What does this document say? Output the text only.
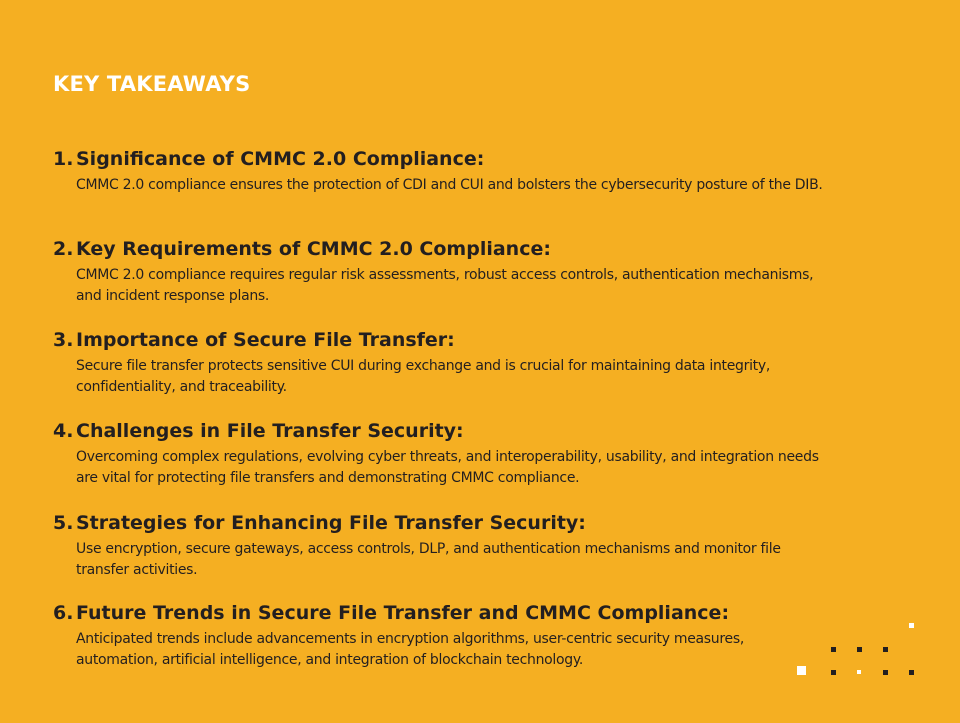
KEY TAKEAWAYS
1. Significance of CMMC 2.0 Compliance:

CMMC 2.0 compliance ensures the protection of CDI and CUI and bolsters the cybersecurity posture of the DIB.

2. Key Requirements of CMMC 2.0 Compliance:

CMMC 2.0 compliance requires regular risk assessments, robust access controls, authentication mechanisms, and incident response plans.

3. Importance of Secure File Transfer:

Secure file transfer protects sensitive CUI during exchange and is crucial for maintaining data integrity, confidentiality, and traceability.

4. Challenges in File Transfer Security:

Overcoming complex regulations, evolving cyber threats, and interoperability, usability, and integration needs are vital for protecting file transfers and demonstrating CMMC compliance.

5. Strategies for Enhancing File Transfer Security:

Use encryption, secure gateways, access controls, DLP, and authentication mechanisms and monitor file transfer activities.

6. Future Trends in Secure File Transfer and CMMC Compliance:

Anticipated trends include advancements in encryption algorithms, user-centric security measures, automation, artificial intelligence, and integration of blockchain technology.
